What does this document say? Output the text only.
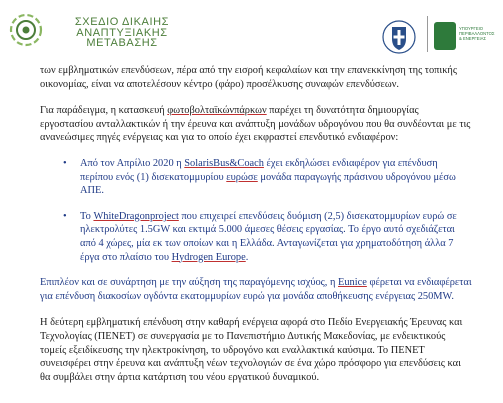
ΣΧΕΔΙΟ ΔΙΚΑΙΗΣ
ΑΝΑΠΤΥΞΙΑΚΗΣ
ΜΕΤΑΒΑΣΗΣ
ΥΠΟΥΡΓΕΙΟ
ΠΕΡΙΒΑΛΛΟΝΤΟΣ
& ΕΝΕΡΓΕΙΑΣ

των εμβληματικών επενδύσεων, πέρα από την εισροή κεφαλαίων και την επανεκκίνηση της τοπικής οικονομίας, είναι να αποτελέσουν κέντρο (φάρο) προσέλκυσης συναφών επενδύσεων.

Για παράδειγμα, η κατασκευή φωτοβολταϊκώνπάρκων παρέχει τη δυνατότητα δημιουργίας εργοστασίου ανταλλακτικών ή την έρευνα και ανάπτυξη μονάδων υδρογόνου που θα συνδέονται με τις ανανεώσιμες πηγές ενέργειας και για το οποίο έχει εκφραστεί επενδυτικό ενδιαφέρον:

• Από τον Απρίλιο 2020 η SolarisBus&Coach έχει εκδηλώσει ενδιαφέρον για επένδυση περίπου ενός (1) δισεκατομμυρίου ευρώσε μονάδα παραγωγής πράσινου υδρογόνου μέσω ΑΠΕ.
• Το WhiteDragonproject που επιχειρεί επενδύσεις δυόμιση (2,5) δισεκατομμυρίων ευρώ σε ηλεκτρολύτες 1.5GW και εκτιμά 5.000 άμεσες θέσεις εργασίας. Το έργο αυτό σχεδιάζεται από 4 χώρες, μία εκ των οποίων και η Ελλάδα. Ανταγωνίζεται για χρηματοδότηση άλλα 7 έργα στο πλαίσιο του Hydrogen Europe.

Επιπλέον και σε συνάρτηση με την αύξηση της παραγόμενης ισχύος, η Eunice φέρεται να ενδιαφέρεται για επένδυση διακοσίων ογδόντα εκατομμυρίων ευρώ για μονάδα αποθήκευσης ενέργειας 250MW.

Η δεύτερη εμβληματική επένδυση στην καθαρή ενέργεια αφορά στο Πεδίο Ενεργειακής Έρευνας και Τεχνολογίας (ΠΕΝΕΤ) σε συνεργασία με το Πανεπιστήμιο Δυτικής Μακεδονίας, με ενδεικτικούς τομείς εξειδίκευσης την ηλεκτροκίνηση, το υδρογόνο και εναλλακτικά καύσιμα. Το ΠΕΝΕΤ συνεισφέρει στην έρευνα και ανάπτυξη νέων τεχνολογιών σε ένα χώρο πρόσφορο για επενδύσεις και θα συμβάλει στην άρτια κατάρτιση του νέου εργατικού δυναμικού.
